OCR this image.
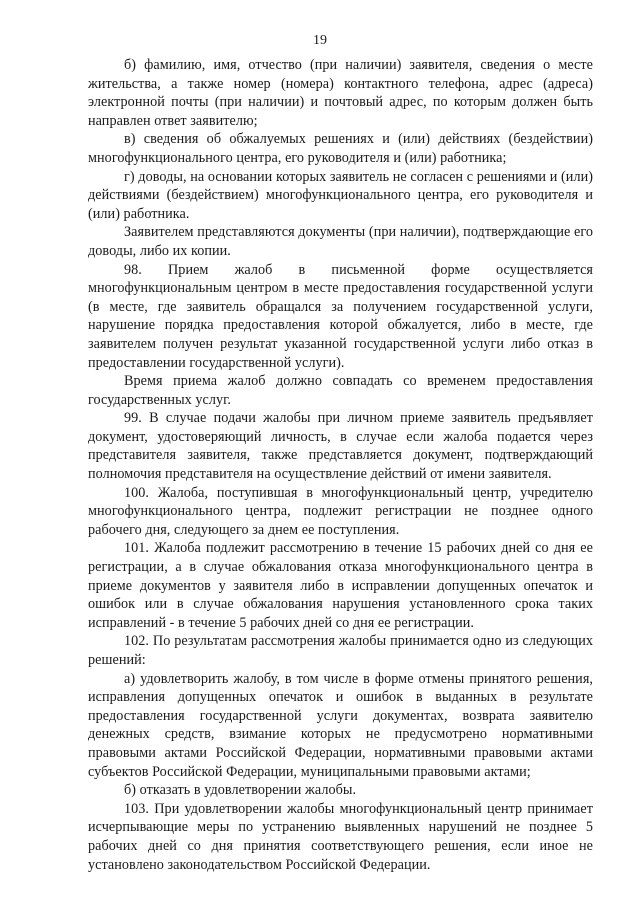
19

б) фамилию, имя, отчество (при наличии) заявителя, сведения о месте жительства, а также номер (номера) контактного телефона, адрес (адреса) электронной почты (при наличии) и почтовый адрес, по которым должен быть направлен ответ заявителю;

в) сведения об обжалуемых решениях и (или) действиях (бездействии) многофункционального центра, его руководителя и (или) работника;

г) доводы, на основании которых заявитель не согласен с решениями и (или) действиями (бездействием) многофункционального центра, его руководителя и (или) работника.

Заявителем представляются документы (при наличии), подтверждающие его доводы, либо их копии.

98. Прием жалоб в письменной форме осуществляется многофункциональным центром в месте предоставления государственной услуги (в месте, где заявитель обращался за получением государственной услуги, нарушение порядка предоставления которой обжалуется, либо в месте, где заявителем получен результат указанной государственной услуги либо отказ в предоставлении государственной услуги).

Время приема жалоб должно совпадать со временем предоставления государственных услуг.

99. В случае подачи жалобы при личном приеме заявитель предъявляет документ, удостоверяющий личность, в случае если жалоба подается через представителя заявителя, также представляется документ, подтверждающий полномочия представителя на осуществление действий от имени заявителя.

100. Жалоба, поступившая в многофункциональный центр, учредителю многофункционального центра, подлежит регистрации не позднее одного рабочего дня, следующего за днем ее поступления.

101. Жалоба подлежит рассмотрению в течение 15 рабочих дней со дня ее регистрации, а в случае обжалования отказа многофункционального центра в приеме документов у заявителя либо в исправлении допущенных опечаток и ошибок или в случае обжалования нарушения установленного срока таких исправлений - в течение 5 рабочих дней со дня ее регистрации.

102. По результатам рассмотрения жалобы принимается одно из следующих решений:

а) удовлетворить жалобу, в том числе в форме отмены принятого решения, исправления допущенных опечаток и ошибок в выданных в результате предоставления государственной услуги документах, возврата заявителю денежных средств, взимание которых не предусмотрено нормативными правовыми актами Российской Федерации, нормативными правовыми актами субъектов Российской Федерации, муниципальными правовыми актами;

б) отказать в удовлетворении жалобы.

103. При удовлетворении жалобы многофункциональный центр принимает исчерпывающие меры по устранению выявленных нарушений не позднее 5 рабочих дней со дня принятия соответствующего решения, если иное не установлено законодательством Российской Федерации.
